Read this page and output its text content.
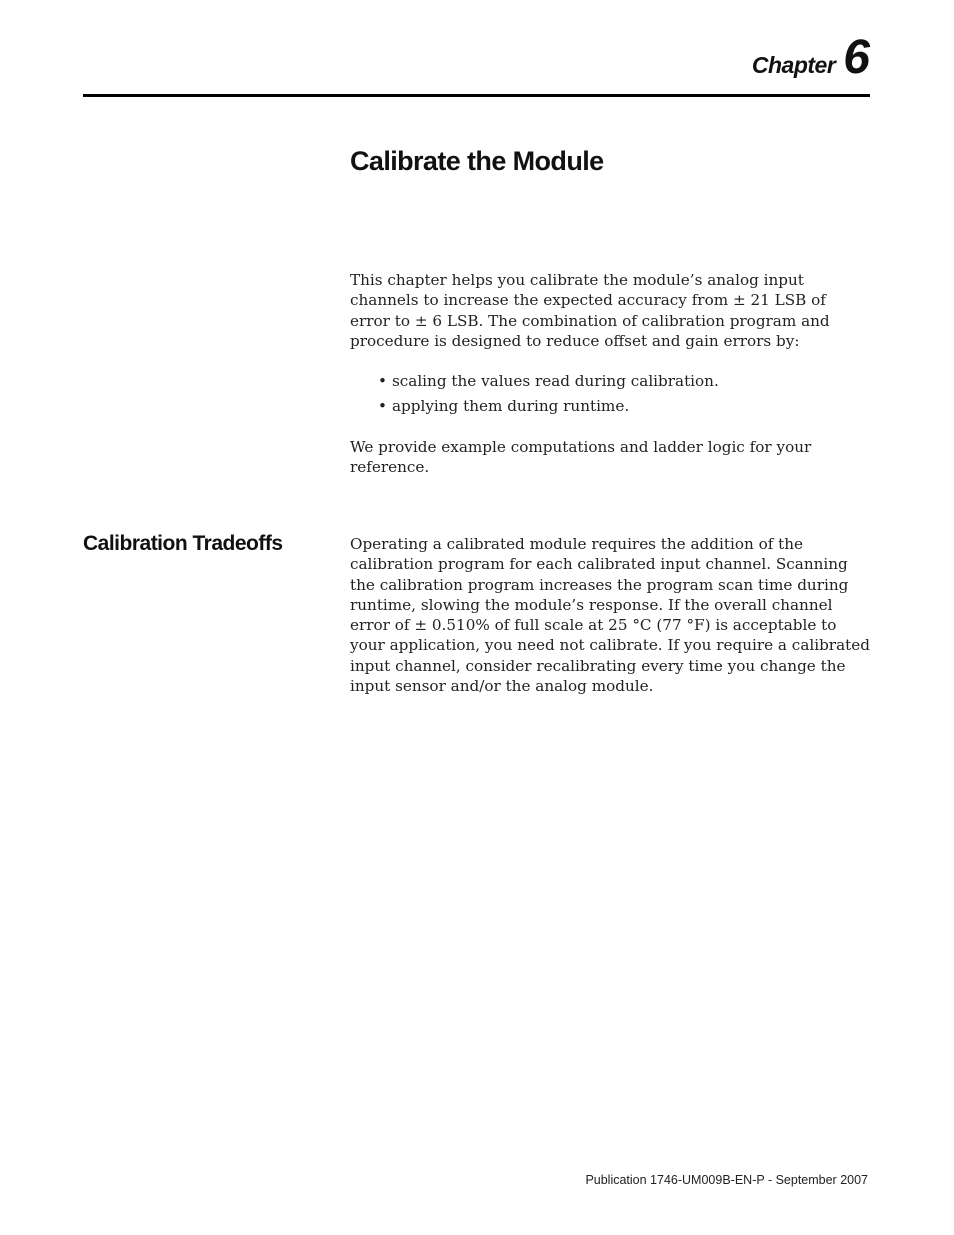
Chapter 6
Calibrate the Module

This chapter helps you calibrate the module’s analog input channels to increase the expected accuracy from ± 21 LSB of error to ± 6 LSB. The combination of calibration program and procedure is designed to reduce offset and gain errors by:

• scaling the values read during calibration.
• applying them during runtime.

We provide example computations and ladder logic for your reference.

Calibration Tradeoffs	Operating a calibrated module requires the addition of the calibration program for each calibrated input channel. Scanning the calibration program increases the program scan time during runtime, slowing the module’s response. If the overall channel error of ± 0.510% of full scale at 25 °C (77 °F) is acceptable to your application, you need not calibrate. If you require a calibrated input channel, consider recalibrating every time you change the input sensor and/or the analog module.

Publication 1746-UM009B-EN-P - September 2007
